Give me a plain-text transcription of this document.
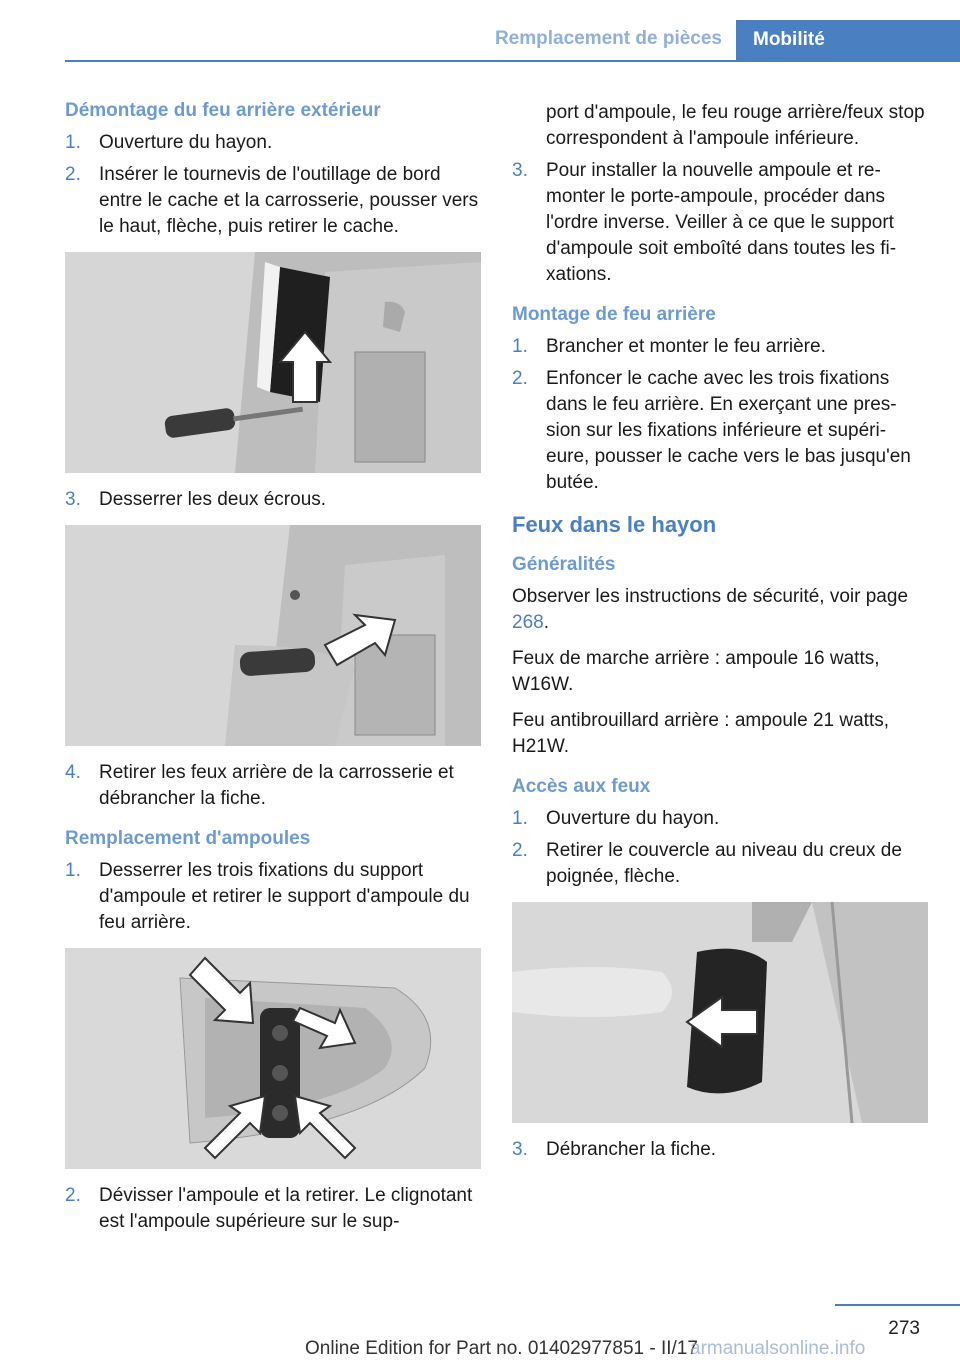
Remplacement de pièces	Mobilité
Démontage du feu arrière extérieur
1. Ouverture du hayon.
2. Insérer le tournevis de l'outillage de bord entre le cache et la carrosserie, pousser vers le haut, flèche, puis retirer le cache.
3. Desserrer les deux écrous.
4. Retirer les feux arrière de la carrosserie et débrancher la fiche.
Remplacement d'ampoules
1. Desserrer les trois fixations du support d'ampoule et retirer le support d'ampoule du feu arrière.
2. Dévisser l'ampoule et la retirer. Le clignotant est l'ampoule supérieure sur le sup‐

port d'ampoule, le feu rouge arrière/feux stop correspondent à l'ampoule inférieure.

3. Pour installer la nouvelle ampoule et re‐monter le porte-ampoule, procéder dans l'ordre inverse. Veiller à ce que le support d'ampoule soit emboîté dans toutes les fi‐xations.
Montage de feu arrière
1. Brancher et monter le feu arrière.
2. Enfoncer le cache avec les trois fixations dans le feu arrière. En exerçant une pres‐sion sur les fixations inférieure et supéri‐eure, pousser le cache vers le bas jusqu'en butée.
Feux dans le hayon
Généralités

Observer les instructions de sécurité, voir page 268.

Feux de marche arrière : ampoule 16 watts, W16W.

Feu antibrouillard arrière : ampoule 21 watts, H21W.

Accès aux feux
1. Ouverture du hayon.
2. Retirer le couvercle au niveau du creux de poignée, flèche.
3. Débrancher la fiche.
273
Online Edition for Part no. 01402977851 - II/17
armanualsonline.info
